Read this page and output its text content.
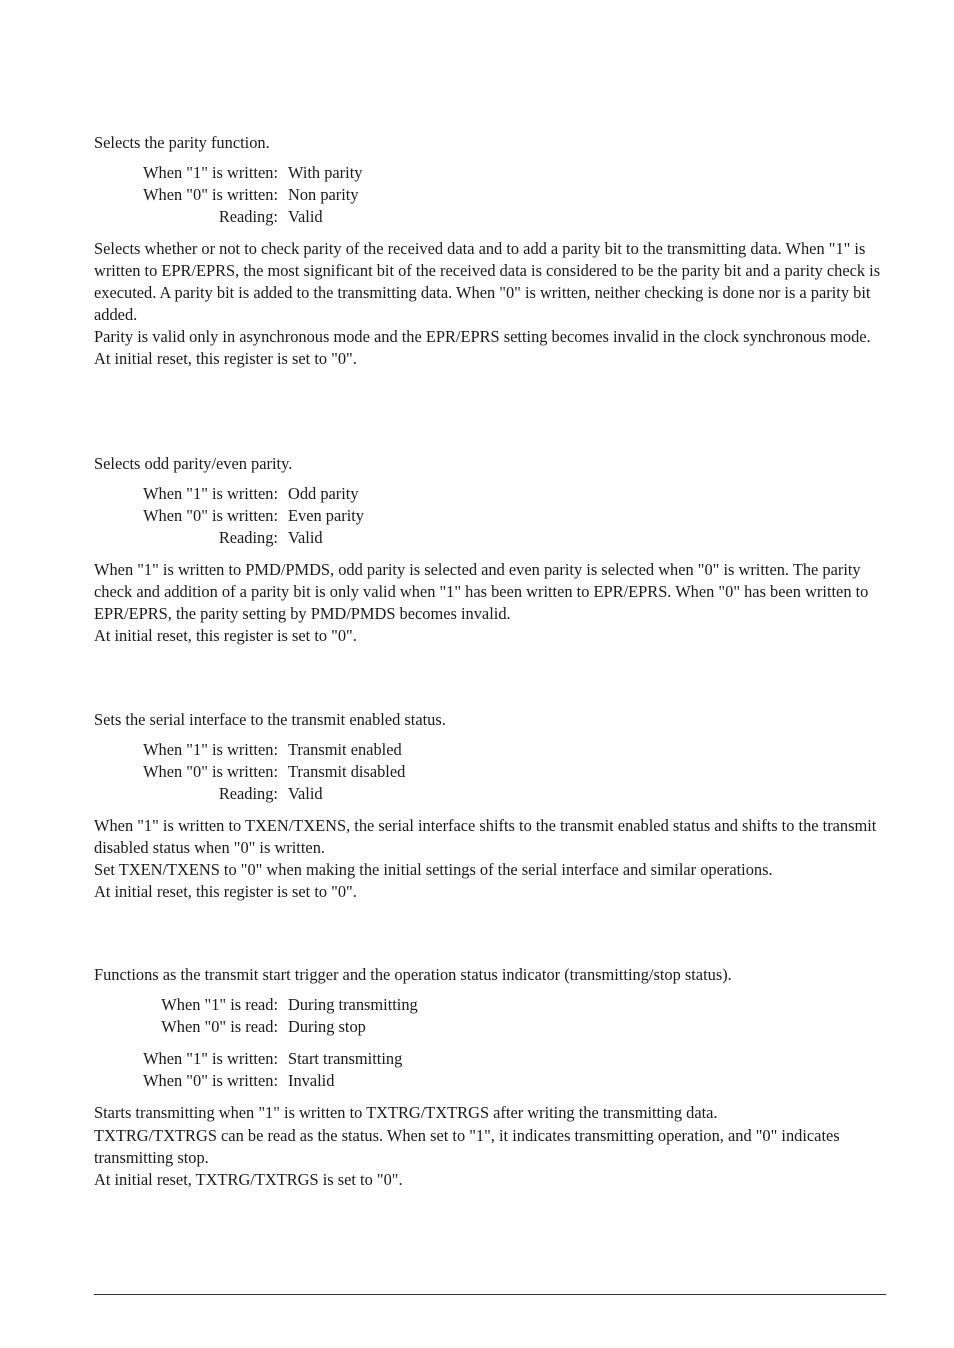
Selects the parity function.

When "1" is written: With parity
When "0" is written: Non parity
Reading: Valid

Selects whether or not to check parity of the received data and to add a parity bit to the transmitting data. When "1" is written to EPR/EPRS, the most significant bit of the received data is considered to be the parity bit and a parity check is executed. A parity bit is added to the transmitting data. When "0" is written, neither checking is done nor is a parity bit added.

Parity is valid only in asynchronous mode and the EPR/EPRS setting becomes invalid in the clock synchronous mode.

At initial reset, this register is set to "0".

Selects odd parity/even parity.

When "1" is written: Odd parity
When "0" is written: Even parity
Reading: Valid

When "1" is written to PMD/PMDS, odd parity is selected and even parity is selected when "0" is written. The parity check and addition of a parity bit is only valid when "1" has been written to EPR/EPRS. When "0" has been written to EPR/EPRS, the parity setting by PMD/PMDS becomes invalid.

At initial reset, this register is set to "0".

Sets the serial interface to the transmit enabled status.

When "1" is written: Transmit enabled
When "0" is written: Transmit disabled
Reading: Valid

When "1" is written to TXEN/TXENS, the serial interface shifts to the transmit enabled status and shifts to the transmit disabled status when "0" is written.

Set TXEN/TXENS to "0" when making the initial settings of the serial interface and similar operations.

At initial reset, this register is set to "0".

Functions as the transmit start trigger and the operation status indicator (transmitting/stop status).

When "1" is read: During transmitting
When "0" is read: During stop
When "1" is written: Start transmitting
When "0" is written: Invalid

Starts transmitting when "1" is written to TXTRG/TXTRGS after writing the transmitting data.

TXTRG/TXTRGS can be read as the status. When set to "1", it indicates transmitting operation, and "0" indicates transmitting stop.

At initial reset, TXTRG/TXTRGS is set to "0".
